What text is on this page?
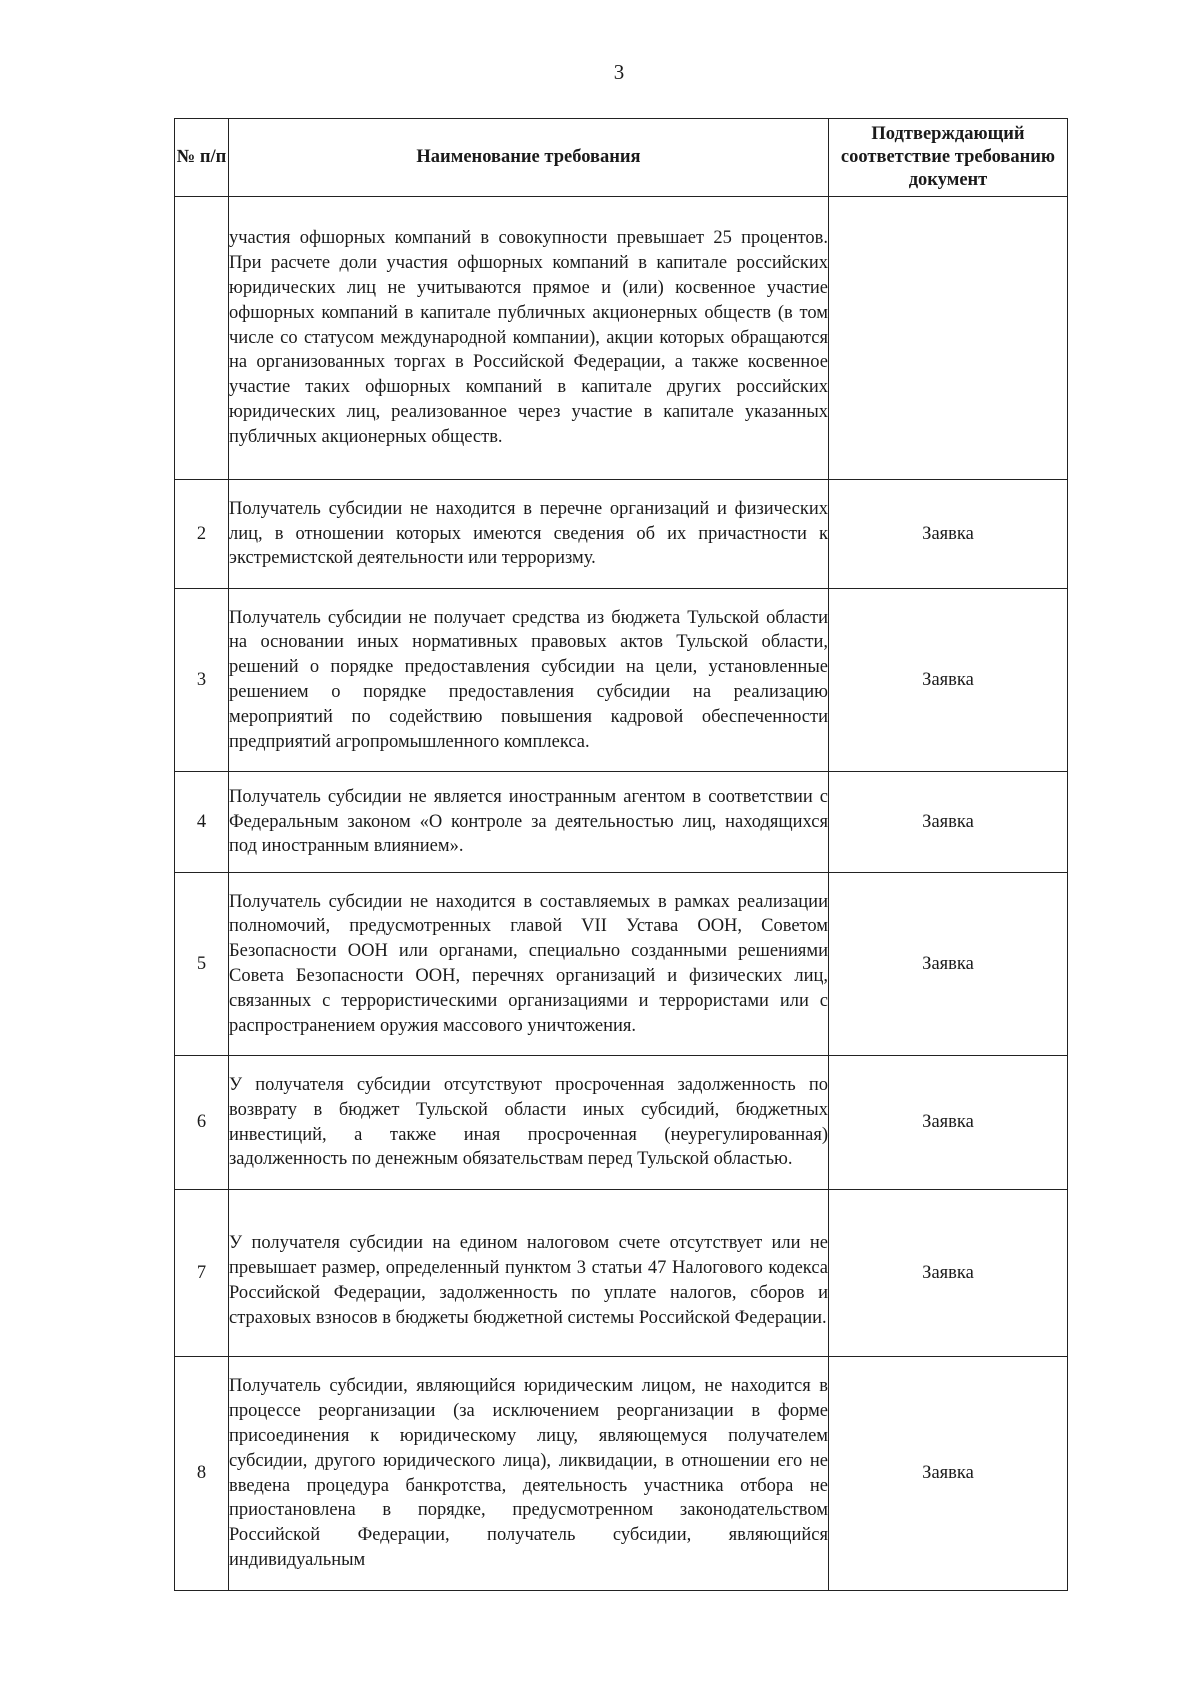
3
№ п/п	Наименование требования	Подтверждающий соответствие требованию документ
	участия офшорных компаний в совокупности превышает 25 процентов. При расчете доли участия офшорных компаний в капитале российских юридических лиц не учитываются прямое и (или) косвенное участие офшорных компаний в капитале публичных акционерных обществ (в том числе со статусом международной компании), акции которых обращаются на организованных торгах в Российской Федерации, а также косвенное участие таких офшорных компаний в капитале других российских юридических лиц, реализованное через участие в капитале указанных публичных акционерных обществ.	
2	Получатель субсидии не находится в перечне организаций и физических лиц, в отношении которых имеются сведения об их причастности к экстремистской деятельности или терроризму.	Заявка
3	Получатель субсидии не получает средства из бюджета Тульской области на основании иных нормативных правовых актов Тульской области, решений о порядке предоставления субсидии на цели, установленные решением о порядке предоставления субсидии на реализацию мероприятий по содействию повышения кадровой обеспеченности предприятий агропромышленного комплекса.	Заявка
4	Получатель субсидии не является иностранным агентом в соответствии с Федеральным законом «О контроле за деятельностью лиц, находящихся под иностранным влиянием».	Заявка
5	Получатель субсидии не находится в составляемых в рамках реализации полномочий, предусмотренных главой VII Устава ООН, Советом Безопасности ООН или органами, специально созданными решениями Совета Безопасности ООН, перечнях организаций и физических лиц, связанных с террористическими организациями и террористами или с распространением оружия массового уничтожения.	Заявка
6	У получателя субсидии отсутствуют просроченная задолженность по возврату в бюджет Тульской области иных субсидий, бюджетных инвестиций, а также иная просроченная (неурегулированная) задолженность по денежным обязательствам перед Тульской областью.	Заявка
7	У получателя субсидии на едином налоговом счете отсутствует или не превышает размер, определенный пунктом 3 статьи 47 Налогового кодекса Российской Федерации, задолженность по уплате налогов, сборов и страховых взносов в бюджеты бюджетной системы Российской Федерации.	Заявка
8	Получатель субсидии, являющийся юридическим лицом, не находится в процессе реорганизации (за исключением реорганизации в форме присоединения к юридическому лицу, являющемуся получателем субсидии, другого юридического лица), ликвидации, в отношении его не введена процедура банкротства, деятельность участника отбора не приостановлена в порядке, предусмотренном законодательством Российской Федерации, получатель субсидии, являющийся индивидуальным	Заявка
